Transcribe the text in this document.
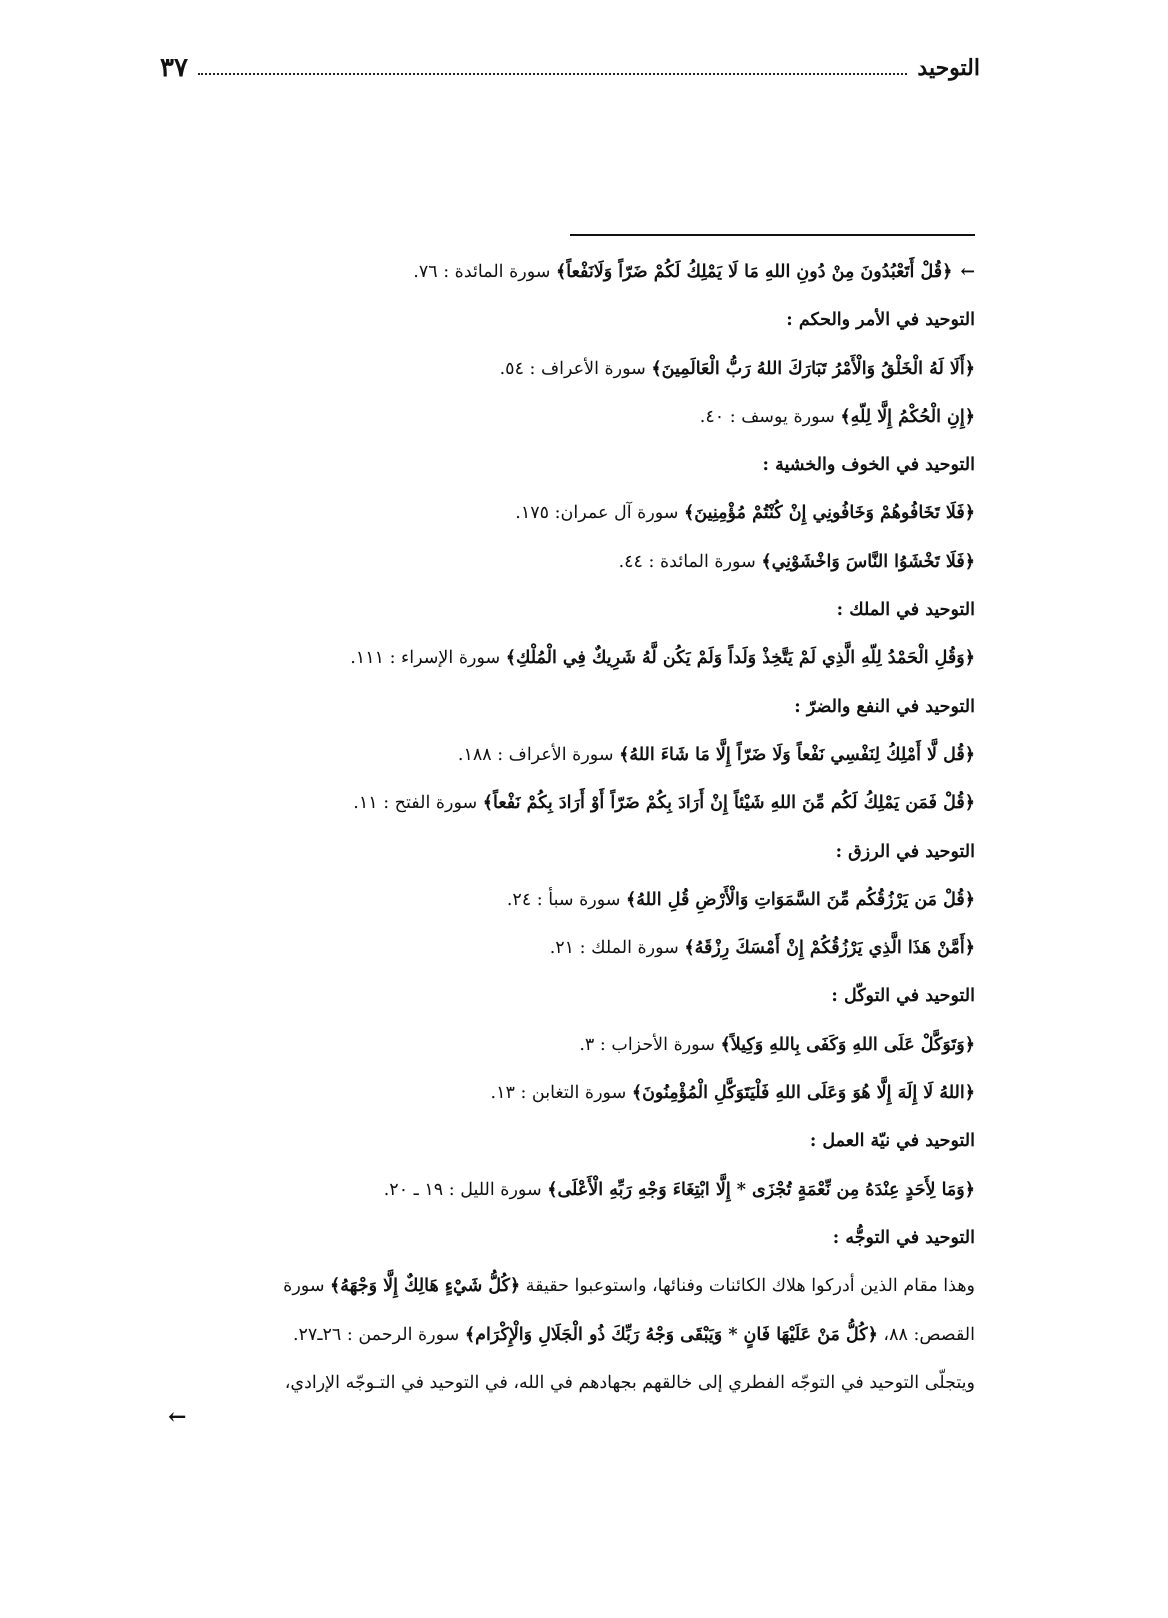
التوحيد
٣٧
←﴿قُلْ أَتَعْبُدُونَ مِنْ دُونِ اللهِ مَا لَا يَمْلِكُ لَكُمْ ضَرّاً وَلَانَفْعاً﴾ سورة المائدة : ٧٦.
التوحيد في الأمر والحكم :
﴿أَلَا لَهُ الْخَلْقُ وَالْأَمْرُ تَبَارَكَ اللهُ رَبُّ الْعَالَمِينَ﴾ سورة الأعراف : ٥٤.
﴿إِنِ الْحُكْمُ إِلَّا لِلّهِ﴾ سورة يوسف : ٤٠.
التوحيد في الخوف والخشية :
﴿فَلَا تَخَافُوهُمْ وَخَافُونِي إِنْ كُنْتُمْ مُؤْمِنِينَ﴾ سورة آل عمران: ١٧٥.
﴿فَلَا تَخْشَوُا النَّاسَ وَاخْشَوْنِي﴾ سورة المائدة : ٤٤.
التوحيد في الملك :
﴿وَقُلِ الْحَمْدُ لِلّهِ الَّذِي لَمْ يَتَّخِذْ وَلَداً وَلَمْ يَكُن لَّهُ شَرِيكٌ فِي الْمُلْكِ﴾ سورة الإسراء : ١١١.
التوحيد في النفع والضرّ :
﴿قُل لَّا أَمْلِكُ لِنَفْسِي نَفْعاً وَلَا ضَرّاً إِلَّا مَا شَاءَ اللهُ﴾ سورة الأعراف : ١٨٨.
﴿قُلْ فَمَن يَمْلِكُ لَكُم مِّنَ اللهِ شَيْئاً إِنْ أَرَادَ بِكُمْ ضَرّاً أَوْ أَرَادَ بِكُمْ نَفْعاً﴾ سورة الفتح : ١١.
التوحيد في الرزق :
﴿قُلْ مَن يَرْزُقُكُم مِّنَ السَّمَوَاتِ وَالْأَرْضِ قُلِ اللهُ﴾ سورة سبأ : ٢٤.
﴿أَمَّنْ هَذَا الَّذِي يَرْزُقُكُمْ إِنْ أَمْسَكَ رِزْقَهُ﴾ سورة الملك : ٢١.
التوحيد في التوكّل :
﴿وَتَوَكَّلْ عَلَى اللهِ وَكَفَى بِاللهِ وَكِيلاً﴾ سورة الأحزاب : ٣.
﴿اللهُ لَا إِلَهَ إِلَّا هُوَ وَعَلَى اللهِ فَلْيَتَوَكَّلِ الْمُؤْمِنُونَ﴾ سورة التغابن : ١٣.
التوحيد في نيّة العمل :
﴿وَمَا لِأَحَدٍ عِنْدَهُ مِن نِّعْمَةٍ تُجْزَى * إِلَّا ابْتِغَاءَ وَجْهِ رَبِّهِ الْأَعْلَى﴾ سورة الليل : ١٩ ـ ٢٠.
التوحيد في التوجُّه :
وهذا مقام الذين أدركوا هلاك الكائنات وفنائها، واستوعبوا حقيقة ﴿كُلُّ شَيْءٍ هَالِكٌ إِلَّا وَجْهَهُ﴾ سورة
القصص: ٨٨، ﴿كُلُّ مَنْ عَلَيْهَا فَانٍ * وَيَبْقَى وَجْهُ رَبِّكَ ذُو الْجَلَالِ وَالْإِكْرَام﴾ سورة الرحمن : ٢٦ـ٢٧.
ويتجلّى التوحيد في التوجّه الفطري إلى خالقهم بجهادهم في الله، في التوحيد في التـوجّه الإرادي،
←
